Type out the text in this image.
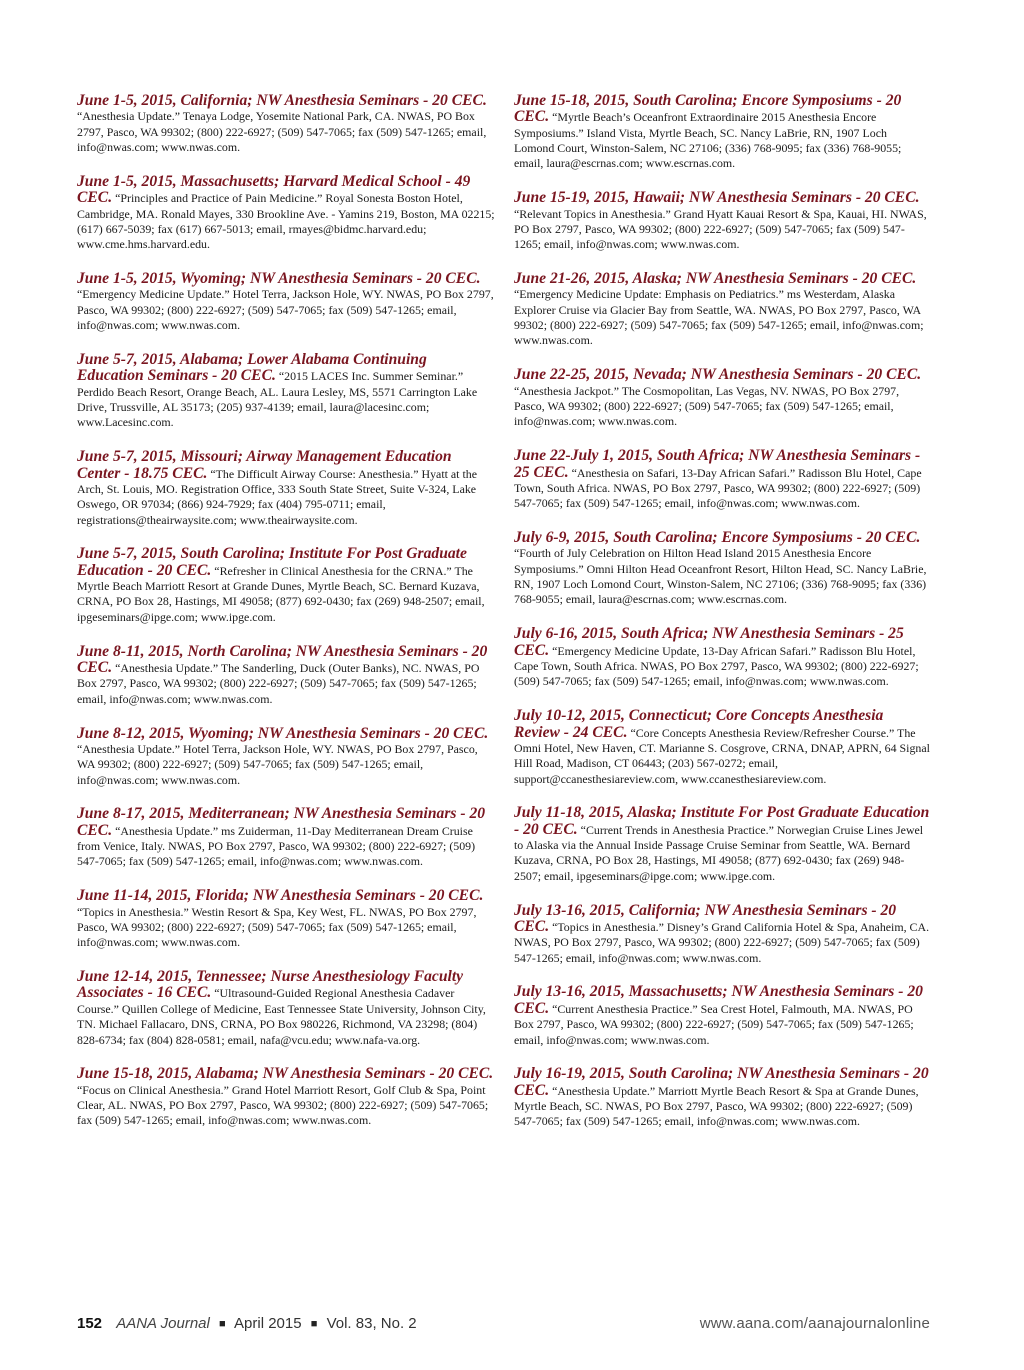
June 1-5, 2015, California; NW Anesthesia Seminars - 20 CEC. “Anesthesia Update.” Tenaya Lodge, Yosemite National Park, CA. NWAS, PO Box 2797, Pasco, WA 99302; (800) 222-6927; (509) 547-7065; fax (509) 547-1265; email, info@nwas.com; www.nwas.com.

June 1-5, 2015, Massachusetts; Harvard Medical School - 49 CEC. “Principles and Practice of Pain Medicine.” Royal Sonesta Boston Hotel, Cambridge, MA. Ronald Mayes, 330 Brookline Ave. - Yamins 219, Boston, MA 02215; (617) 667-5039; fax (617) 667-5013; email, rmayes@bidmc.harvard.edu; www.cme.hms.harvard.edu.

June 1-5, 2015, Wyoming; NW Anesthesia Seminars - 20 CEC. “Emergency Medicine Update.” Hotel Terra, Jackson Hole, WY. NWAS, PO Box 2797, Pasco, WA 99302; (800) 222-6927; (509) 547-7065; fax (509) 547-1265; email, info@nwas.com; www.nwas.com.

June 5-7, 2015, Alabama; Lower Alabama Continuing Education Seminars - 20 CEC. “2015 LACES Inc. Summer Seminar.” Perdido Beach Resort, Orange Beach, AL. Laura Lesley, MS, 5571 Carrington Lake Drive, Trussville, AL 35173; (205) 937-4139; email, laura@lacesinc.com; www.Lacesinc.com.

June 5-7, 2015, Missouri; Airway Management Education Center - 18.75 CEC. “The Difficult Airway Course: Anesthesia.” Hyatt at the Arch, St. Louis, MO. Registration Office, 333 South State Street, Suite V-324, Lake Oswego, OR 97034; (866) 924-7929; fax (404) 795-0711; email, registrations@theairwaysite.com; www.theairwaysite.com.

June 5-7, 2015, South Carolina; Institute For Post Graduate Education - 20 CEC. “Refresher in Clinical Anesthesia for the CRNA.” The Myrtle Beach Marriott Resort at Grande Dunes, Myrtle Beach, SC. Bernard Kuzava, CRNA, PO Box 28, Hastings, MI 49058; (877) 692-0430; fax (269) 948-2507; email, ipgeseminars@ipge.com; www.ipge.com.

June 8-11, 2015, North Carolina; NW Anesthesia Seminars - 20 CEC. “Anesthesia Update.” The Sanderling, Duck (Outer Banks), NC. NWAS, PO Box 2797, Pasco, WA 99302; (800) 222-6927; (509) 547-7065; fax (509) 547-1265; email, info@nwas.com; www.nwas.com.

June 8-12, 2015, Wyoming; NW Anesthesia Seminars - 20 CEC. “Anesthesia Update.” Hotel Terra, Jackson Hole, WY. NWAS, PO Box 2797, Pasco, WA 99302; (800) 222-6927; (509) 547-7065; fax (509) 547-1265; email, info@nwas.com; www.nwas.com.

June 8-17, 2015, Mediterranean; NW Anesthesia Seminars - 20 CEC. “Anesthesia Update.” ms Zuiderman, 11-Day Mediterranean Dream Cruise from Venice, Italy. NWAS, PO Box 2797, Pasco, WA 99302; (800) 222-6927; (509) 547-7065; fax (509) 547-1265; email, info@nwas.com; www.nwas.com.

June 11-14, 2015, Florida; NW Anesthesia Seminars - 20 CEC. “Topics in Anesthesia.” Westin Resort & Spa, Key West, FL. NWAS, PO Box 2797, Pasco, WA 99302; (800) 222-6927; (509) 547-7065; fax (509) 547-1265; email, info@nwas.com; www.nwas.com.

June 12-14, 2015, Tennessee; Nurse Anesthesiology Faculty Associates - 16 CEC. “Ultrasound-Guided Regional Anesthesia Cadaver Course.” Quillen College of Medicine, East Tennessee State University, Johnson City, TN. Michael Fallacaro, DNS, CRNA, PO Box 980226, Richmond, VA 23298; (804) 828-6734; fax (804) 828-0581; email, nafa@vcu.edu; www.nafa-va.org.

June 15-18, 2015, Alabama; NW Anesthesia Seminars - 20 CEC. “Focus on Clinical Anesthesia.” Grand Hotel Marriott Resort, Golf Club & Spa, Point Clear, AL. NWAS, PO Box 2797, Pasco, WA 99302; (800) 222-6927; (509) 547-7065; fax (509) 547-1265; email, info@nwas.com; www.nwas.com.

June 15-18, 2015, South Carolina; Encore Symposiums - 20 CEC. “Myrtle Beach’s Oceanfront Extraordinaire 2015 Anesthesia Encore Symposiums.” Island Vista, Myrtle Beach, SC. Nancy LaBrie, RN, 1907 Loch Lomond Court, Winston-Salem, NC 27106; (336) 768-9095; fax (336) 768-9055; email, laura@escrnas.com; www.escrnas.com.

June 15-19, 2015, Hawaii; NW Anesthesia Seminars - 20 CEC. “Relevant Topics in Anesthesia.” Grand Hyatt Kauai Resort & Spa, Kauai, HI. NWAS, PO Box 2797, Pasco, WA 99302; (800) 222-6927; (509) 547-7065; fax (509) 547-1265; email, info@nwas.com; www.nwas.com.

June 21-26, 2015, Alaska; NW Anesthesia Seminars - 20 CEC. “Emergency Medicine Update: Emphasis on Pediatrics.” ms Westerdam, Alaska Explorer Cruise via Glacier Bay from Seattle, WA. NWAS, PO Box 2797, Pasco, WA 99302; (800) 222-6927; (509) 547-7065; fax (509) 547-1265; email, info@nwas.com; www.nwas.com.

June 22-25, 2015, Nevada; NW Anesthesia Seminars - 20 CEC. “Anesthesia Jackpot.” The Cosmopolitan, Las Vegas, NV. NWAS, PO Box 2797, Pasco, WA 99302; (800) 222-6927; (509) 547-7065; fax (509) 547-1265; email, info@nwas.com; www.nwas.com.

June 22-July 1, 2015, South Africa; NW Anesthesia Seminars - 25 CEC. “Anesthesia on Safari, 13-Day African Safari.” Radisson Blu Hotel, Cape Town, South Africa. NWAS, PO Box 2797, Pasco, WA 99302; (800) 222-6927; (509) 547-7065; fax (509) 547-1265; email, info@nwas.com; www.nwas.com.

July 6-9, 2015, South Carolina; Encore Symposiums - 20 CEC. “Fourth of July Celebration on Hilton Head Island 2015 Anesthesia Encore Symposiums.” Omni Hilton Head Oceanfront Resort, Hilton Head, SC. Nancy LaBrie, RN, 1907 Loch Lomond Court, Winston-Salem, NC 27106; (336) 768-9095; fax (336) 768-9055; email, laura@escrnas.com; www.escrnas.com.

July 6-16, 2015, South Africa; NW Anesthesia Seminars - 25 CEC. “Emergency Medicine Update, 13-Day African Safari.” Radisson Blu Hotel, Cape Town, South Africa. NWAS, PO Box 2797, Pasco, WA 99302; (800) 222-6927; (509) 547-7065; fax (509) 547-1265; email, info@nwas.com; www.nwas.com.

July 10-12, 2015, Connecticut; Core Concepts Anesthesia Review - 24 CEC. “Core Concepts Anesthesia Review/Refresher Course.” The Omni Hotel, New Haven, CT. Marianne S. Cosgrove, CRNA, DNAP, APRN, 64 Signal Hill Road, Madison, CT 06443; (203) 567-0272; email, support@ccanesthesiareview.com, www.ccanesthesiareview.com.

July 11-18, 2015, Alaska; Institute For Post Graduate Education - 20 CEC. “Current Trends in Anesthesia Practice.” Norwegian Cruise Lines Jewel to Alaska via the Annual Inside Passage Cruise Seminar from Seattle, WA. Bernard Kuzava, CRNA, PO Box 28, Hastings, MI 49058; (877) 692-0430; fax (269) 948-2507; email, ipgeseminars@ipge.com; www.ipge.com.

July 13-16, 2015, California; NW Anesthesia Seminars - 20 CEC. “Topics in Anesthesia.” Disney’s Grand California Hotel & Spa, Anaheim, CA. NWAS, PO Box 2797, Pasco, WA 99302; (800) 222-6927; (509) 547-7065; fax (509) 547-1265; email, info@nwas.com; www.nwas.com.

July 13-16, 2015, Massachusetts; NW Anesthesia Seminars - 20 CEC. “Current Anesthesia Practice.” Sea Crest Hotel, Falmouth, MA. NWAS, PO Box 2797, Pasco, WA 99302; (800) 222-6927; (509) 547-7065; fax (509) 547-1265; email, info@nwas.com; www.nwas.com.

July 16-19, 2015, South Carolina; NW Anesthesia Seminars - 20 CEC. “Anesthesia Update.” Marriott Myrtle Beach Resort & Spa at Grande Dunes, Myrtle Beach, SC. NWAS, PO Box 2797, Pasco, WA 99302; (800) 222-6927; (509) 547-7065; fax (509) 547-1265; email, info@nwas.com; www.nwas.com.

152 AANA Journal ■ April 2015 ■ Vol. 83, No. 2	www.aana.com/aanajournalonline
